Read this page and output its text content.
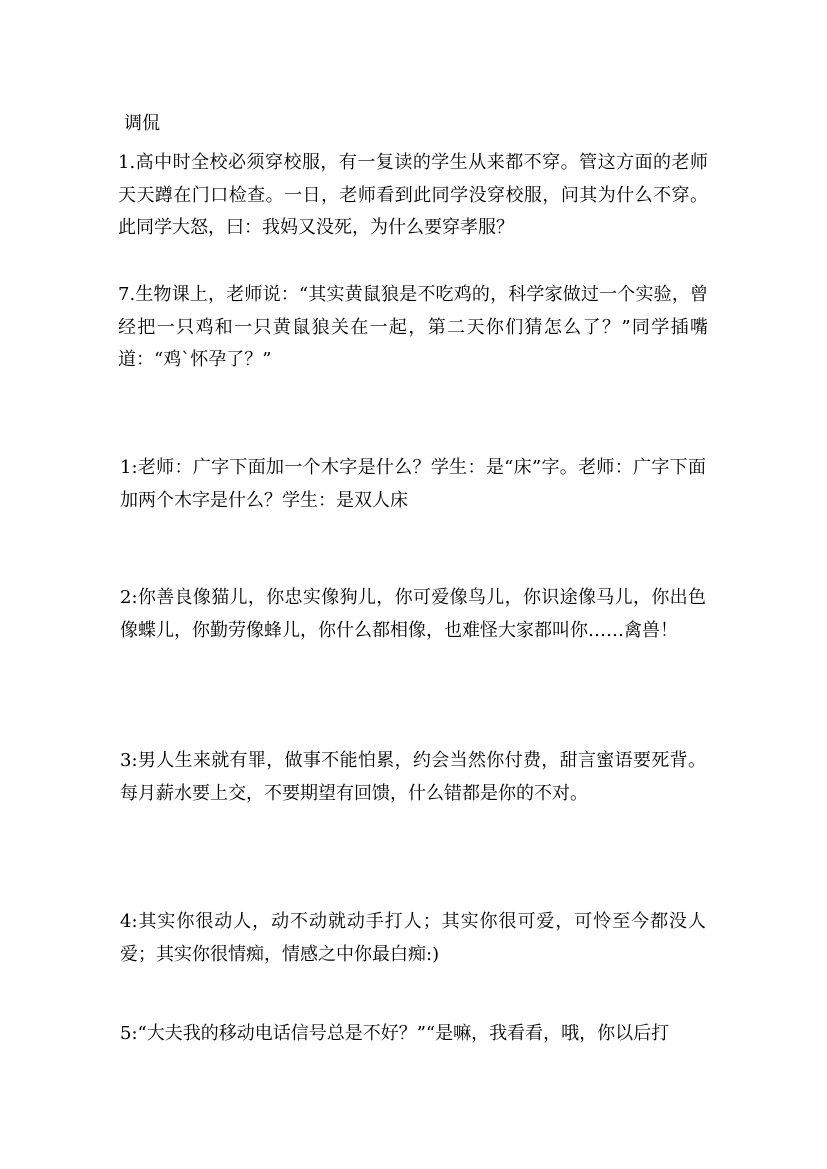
调侃

1.高中时全校必须穿校服，有一复读的学生从来都不穿。管这方面的老师天天蹲在门口检查。一日，老师看到此同学没穿校服，问其为什么不穿。此同学大怒，曰：我妈又没死，为什么要穿孝服？

7.生物课上，老师说：“其实黄鼠狼是不吃鸡的，科学家做过一个实验，曾经把一只鸡和一只黄鼠狼关在一起，第二天你们猜怎么了？”同学插嘴道：“鸡`怀孕了？”

1:老师：广字下面加一个木字是什么？学生：是“床”字。老师：广字下面加两个木字是什么？学生：是双人床

2:你善良像猫儿，你忠实像狗儿，你可爱像鸟儿，你识途像马儿，你出色像蝶儿，你勤劳像蜂儿，你什么都相像，也难怪大家都叫你……禽兽！

3:男人生来就有罪，做事不能怕累，约会当然你付费，甜言蜜语要死背。每月薪水要上交，不要期望有回馈，什么错都是你的不对。

4:其实你很动人，动不动就动手打人；其实你很可爱，可怜至今都没人爱；其实你很情痴，情感之中你最白痴:)

5:“大夫我的移动电话信号总是不好？”“是嘛，我看看，哦，你以后打
